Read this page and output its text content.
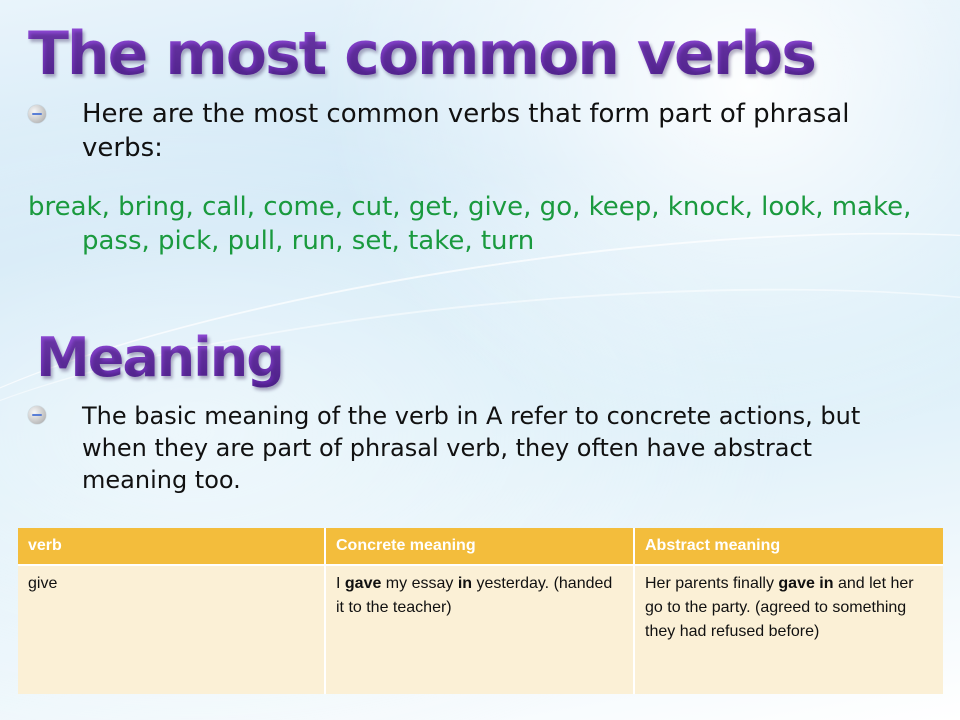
The most common verbs
Here are the most common verbs that form part of phrasal verbs:

break, bring, call, come, cut, get, give, go, keep, knock, look, make, pass, pick, pull, run, set, take, turn

Meaning
The basic meaning of the verb in A refer to concrete actions, but when they are part of phrasal verb, they often have abstract meaning too.
verb	Concrete meaning	Abstract meaning
give	I gave my essay in yesterday. (handed it to the teacher)	Her parents finally gave in and let her go to the party. (agreed to something they had refused before)
